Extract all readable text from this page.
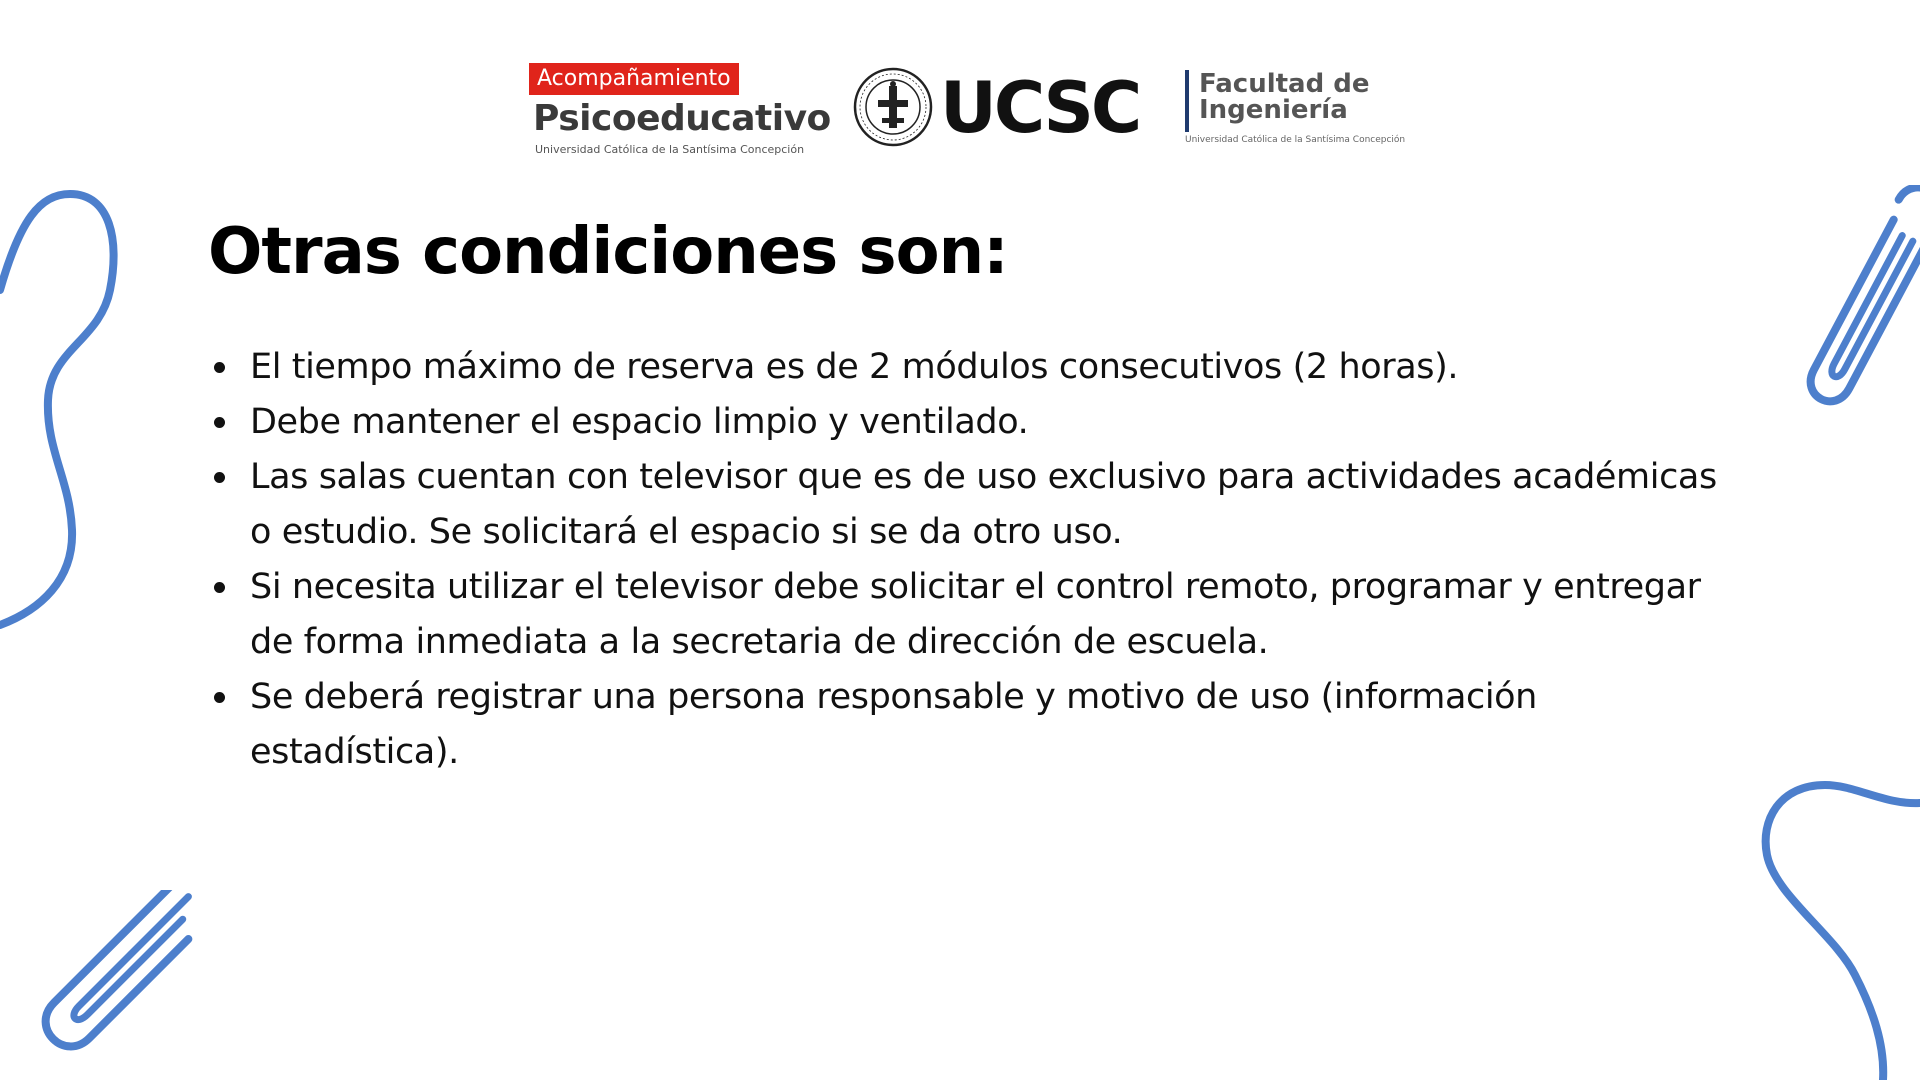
Acompañamiento
Psicoeducativo
Universidad Católica de la Santísima Concepción
UCSC Facultad de
Ingeniería
Universidad Católica de la Santísima Concepción
Otras condiciones son:
El tiempo máximo de reserva es de 2 módulos consecutivos (2 horas).
Debe mantener el espacio limpio y ventilado.
Las salas cuentan con televisor que es de uso exclusivo para actividades académicas o estudio. Se solicitará el espacio si se da otro uso.
Si necesita utilizar el televisor debe solicitar el control remoto, programar y entregar de forma inmediata a la secretaria de dirección de escuela.
Se deberá registrar una persona responsable y motivo de uso (información estadística).
